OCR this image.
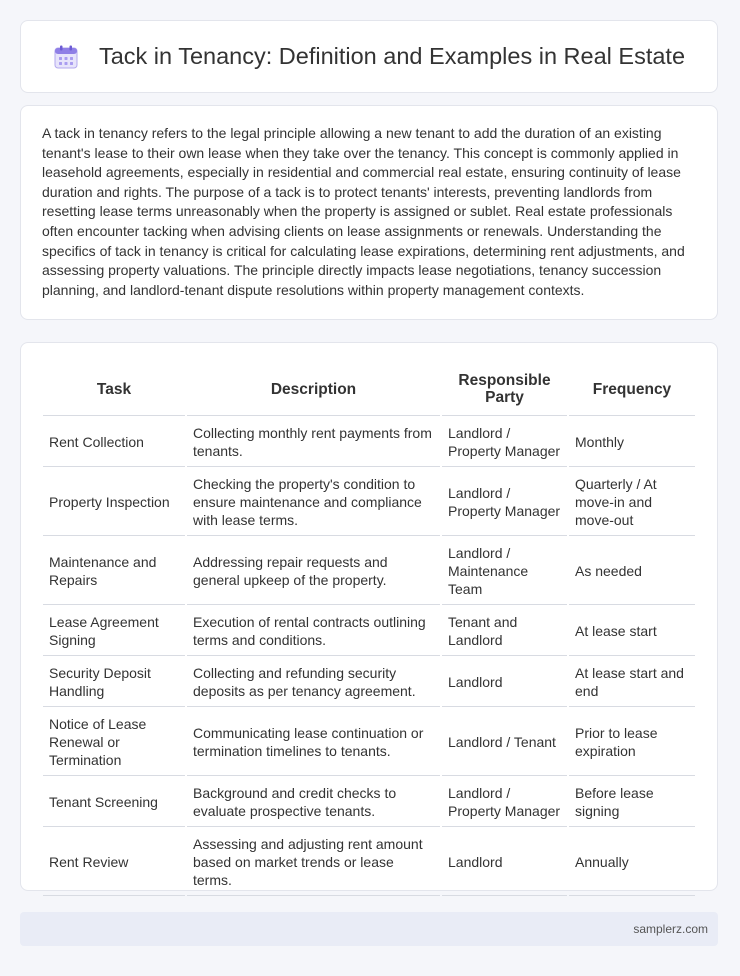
Tack in Tenancy: Definition and Examples in Real Estate

A tack in tenancy refers to the legal principle allowing a new tenant to add the duration of an existing tenant's lease to their own lease when they take over the tenancy. This concept is commonly applied in leasehold agreements, especially in residential and commercial real estate, ensuring continuity of lease duration and rights. The purpose of a tack is to protect tenants' interests, preventing landlords from resetting lease terms unreasonably when the property is assigned or sublet. Real estate professionals often encounter tacking when advising clients on lease assignments or renewals. Understanding the specifics of tack in tenancy is critical for calculating lease expirations, determining rent adjustments, and assessing property valuations. The principle directly impacts lease negotiations, tenancy succession planning, and landlord-tenant dispute resolutions within property management contexts.

Task	Description	Responsible Party	Frequency
Rent Collection	Collecting monthly rent payments from tenants.	Landlord / Property Manager	Monthly
Property Inspection	Checking the property's condition to ensure maintenance and compliance with lease terms.	Landlord / Property Manager	Quarterly / At move-in and move-out
Maintenance and Repairs	Addressing repair requests and general upkeep of the property.	Landlord / Maintenance Team	As needed
Lease Agreement Signing	Execution of rental contracts outlining terms and conditions.	Tenant and Landlord	At lease start
Security Deposit Handling	Collecting and refunding security deposits as per tenancy agreement.	Landlord	At lease start and end
Notice of Lease Renewal or Termination	Communicating lease continuation or termination timelines to tenants.	Landlord / Tenant	Prior to lease expiration
Tenant Screening	Background and credit checks to evaluate prospective tenants.	Landlord / Property Manager	Before lease signing
Rent Review	Assessing and adjusting rent amount based on market trends or lease terms.	Landlord	Annually
samplerz.com
